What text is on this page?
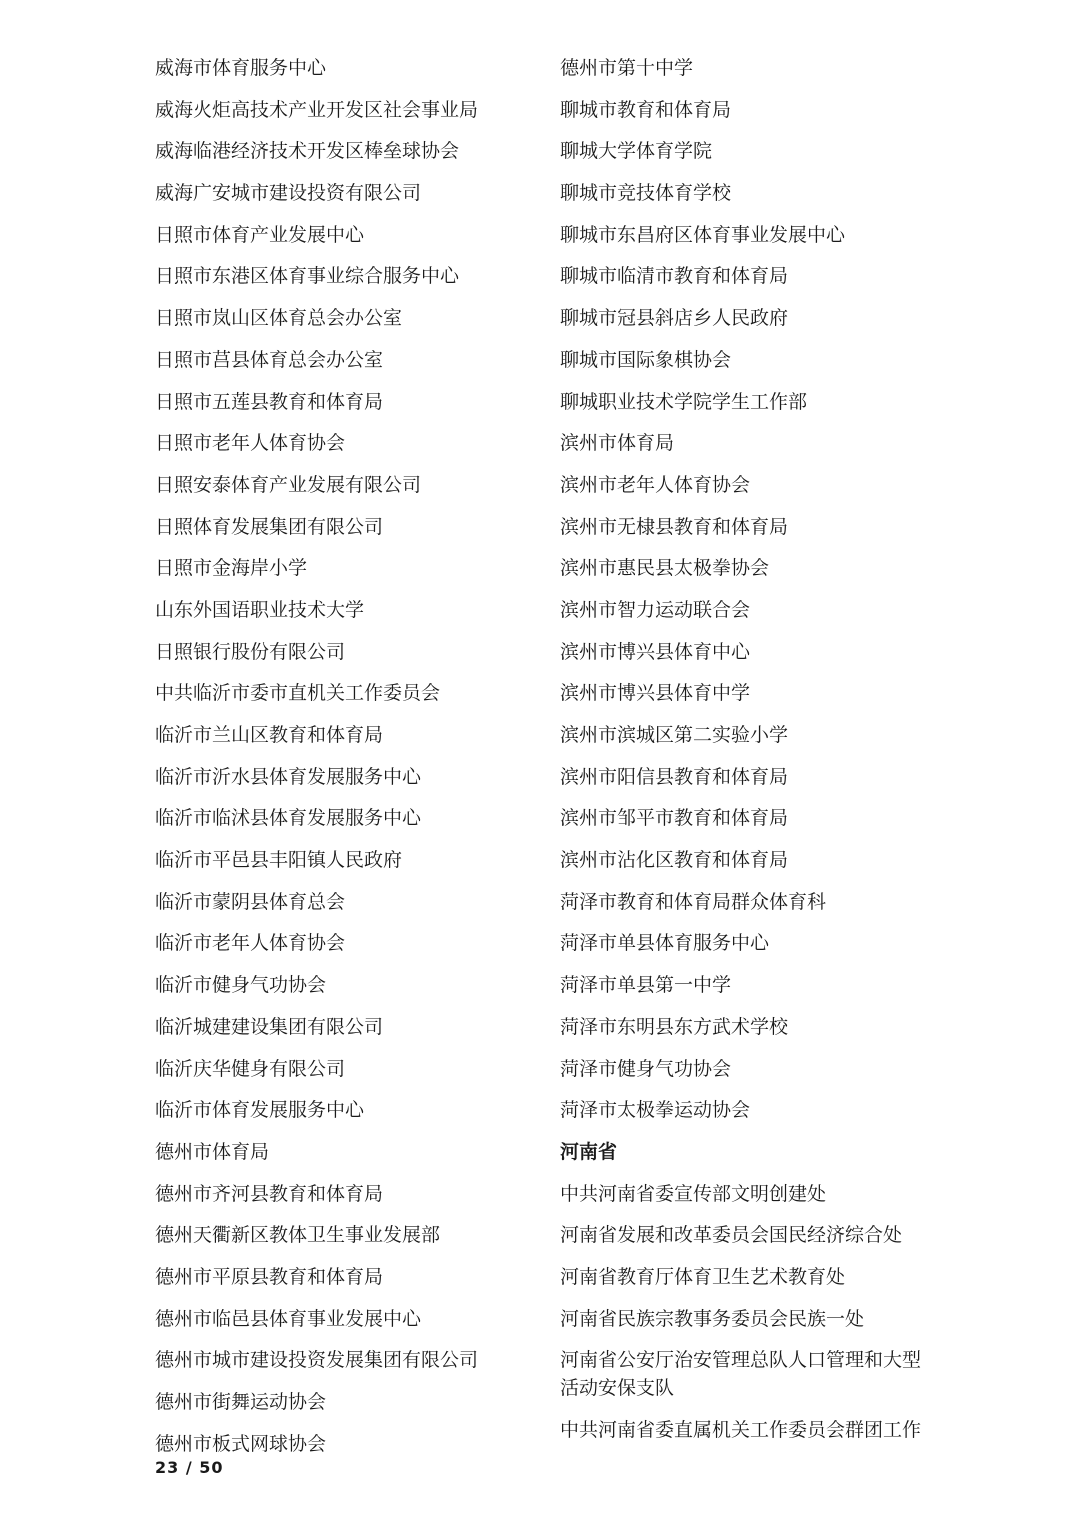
威海市体育服务中心
威海火炬高技术产业开发区社会事业局
威海临港经济技术开发区棒垒球协会
威海广安城市建设投资有限公司
日照市体育产业发展中心
日照市东港区体育事业综合服务中心
日照市岚山区体育总会办公室
日照市莒县体育总会办公室
日照市五莲县教育和体育局
日照市老年人体育协会
日照安泰体育产业发展有限公司
日照体育发展集团有限公司
日照市金海岸小学
山东外国语职业技术大学
日照银行股份有限公司
中共临沂市委市直机关工作委员会
临沂市兰山区教育和体育局
临沂市沂水县体育发展服务中心
临沂市临沭县体育发展服务中心
临沂市平邑县丰阳镇人民政府
临沂市蒙阴县体育总会
临沂市老年人体育协会
临沂市健身气功协会
临沂城建建设集团有限公司
临沂庆华健身有限公司
临沂市体育发展服务中心
德州市体育局
德州市齐河县教育和体育局
德州天衢新区教体卫生事业发展部
德州市平原县教育和体育局
德州市临邑县体育事业发展中心
德州市城市建设投资发展集团有限公司
德州市街舞运动协会
德州市板式网球协会
德州市第十中学
聊城市教育和体育局
聊城大学体育学院
聊城市竞技体育学校
聊城市东昌府区体育事业发展中心
聊城市临清市教育和体育局
聊城市冠县斜店乡人民政府
聊城市国际象棋协会
聊城职业技术学院学生工作部
滨州市体育局
滨州市老年人体育协会
滨州市无棣县教育和体育局
滨州市惠民县太极拳协会
滨州市智力运动联合会
滨州市博兴县体育中心
滨州市博兴县体育中学
滨州市滨城区第二实验小学
滨州市阳信县教育和体育局
滨州市邹平市教育和体育局
滨州市沾化区教育和体育局
菏泽市教育和体育局群众体育科
菏泽市单县体育服务中心
菏泽市单县第一中学
菏泽市东明县东方武术学校
菏泽市健身气功协会
菏泽市太极拳运动协会
河南省
中共河南省委宣传部文明创建处
河南省发展和改革委员会国民经济综合处
河南省教育厅体育卫生艺术教育处
河南省民族宗教事务委员会民族一处
河南省公安厅治安管理总队人口管理和大型活动安保支队
中共河南省委直属机关工作委员会群团工作
23 / 50
